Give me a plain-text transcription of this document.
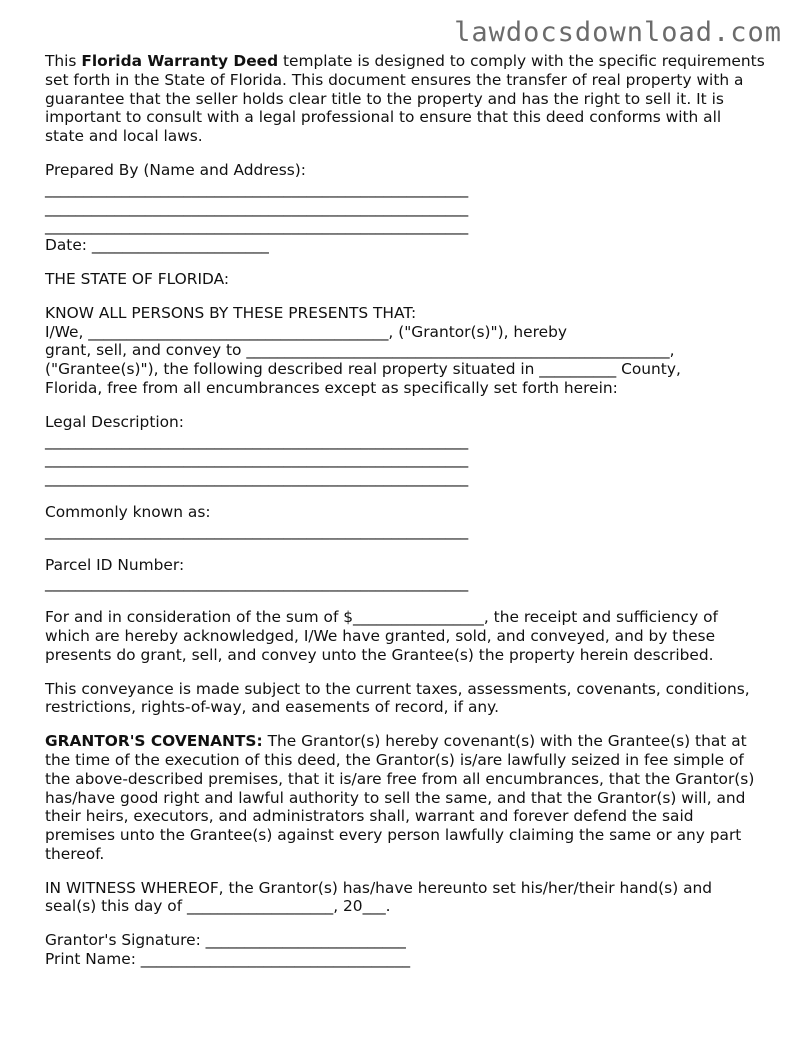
lawdocsdownload.com

This Florida Warranty Deed template is designed to comply with the specific requirements set forth in the State of Florida. This document ensures the transfer of real property with a guarantee that the seller holds clear title to the property and has the right to sell it. It is important to consult with a legal professional to ensure that this deed conforms with all state and local laws.

Prepared By (Name and Address):

_______________________________________________________

_______________________________________________________

_______________________________________________________

Date: _______________________

THE STATE OF FLORIDA:

KNOW ALL PERSONS BY THESE PRESENTS THAT:

I/We, _______________________________________, ("Grantor(s)"), hereby

grant, sell, and convey to _______________________________________________________,

("Grantee(s)"), the following described real property situated in __________ County,

Florida, free from all encumbrances except as specifically set forth herein:

Legal Description:

_______________________________________________________

_______________________________________________________

_______________________________________________________

Commonly known as:

_______________________________________________________

Parcel ID Number:

_______________________________________________________

For and in consideration of the sum of $_________________, the receipt and sufficiency of which are hereby acknowledged, I/We have granted, sold, and conveyed, and by these presents do grant, sell, and convey unto the Grantee(s) the property herein described.

This conveyance is made subject to the current taxes, assessments, covenants, conditions, restrictions, rights-of-way, and easements of record, if any.

GRANTOR'S COVENANTS: The Grantor(s) hereby covenant(s) with the Grantee(s) that at the time of the execution of this deed, the Grantor(s) is/are lawfully seized in fee simple of the above-described premises, that it is/are free from all encumbrances, that the Grantor(s) has/have good right and lawful authority to sell the same, and that the Grantor(s) will, and their heirs, executors, and administrators shall, warrant and forever defend the said premises unto the Grantee(s) against every person lawfully claiming the same or any part thereof.

IN WITNESS WHEREOF, the Grantor(s) has/have hereunto set his/her/their hand(s) and seal(s) this day of ___________________, 20___.

Grantor's Signature: __________________________

Print Name: ___________________________________
